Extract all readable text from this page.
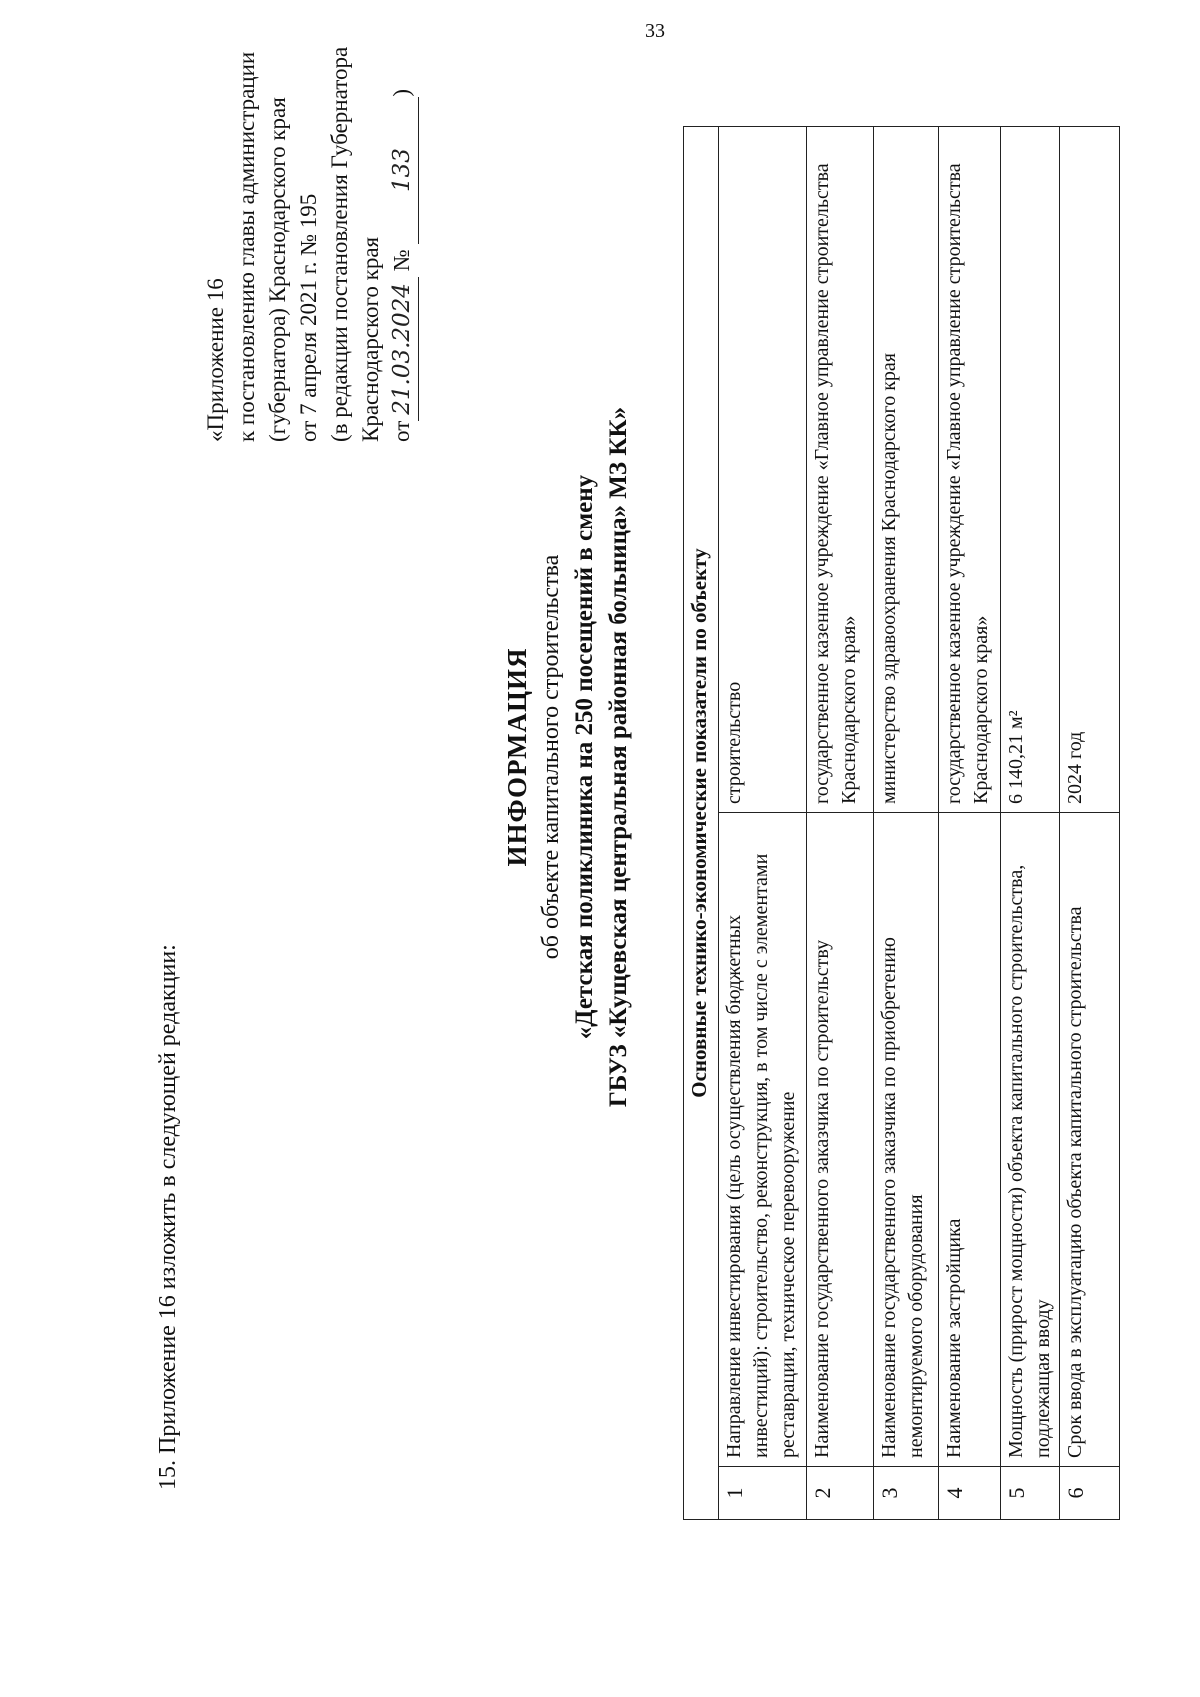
33
15. Приложение 16 изложить в следующей редакции:
«Приложение 16 к постановлению главы администрации (губернатора) Краснодарского края от 7 апреля 2021 г. № 195 (в редакции постановления Губернатора Краснодарского края от21.03.2024 № 133)
ИНФОРМАЦИЯ об объекте капитального строительства «Детская поликлиника на 250 посещений в смену ГБУЗ «Кущевская центральная районная больница» МЗ КК»	Основные технико-экономические показатели по объекту		
1	Направление инвестирования (цель осуществления бюджетных инвестиций): строительство, реконструкция, в том числе с элементами реставрации, техническое перевооружение	строительство
2	Наименование государственного заказчика по строительству	государственное казенное учреждение «Главное управление строительства Краснодарского края»
3	Наименование государственного заказчика по приобретению немонтируемого оборудования	министерство здравоохранения Краснодарского края
4	Наименование застройщика	государственное казенное учреждение «Главное управление строительства Краснодарского края»
5	Мощность (прирост мощности) объекта капитального строительства, подлежащая вводу	6 140,21 м²
6	Срок ввода в эксплуатацию объекта капитального строительства	2024 год
